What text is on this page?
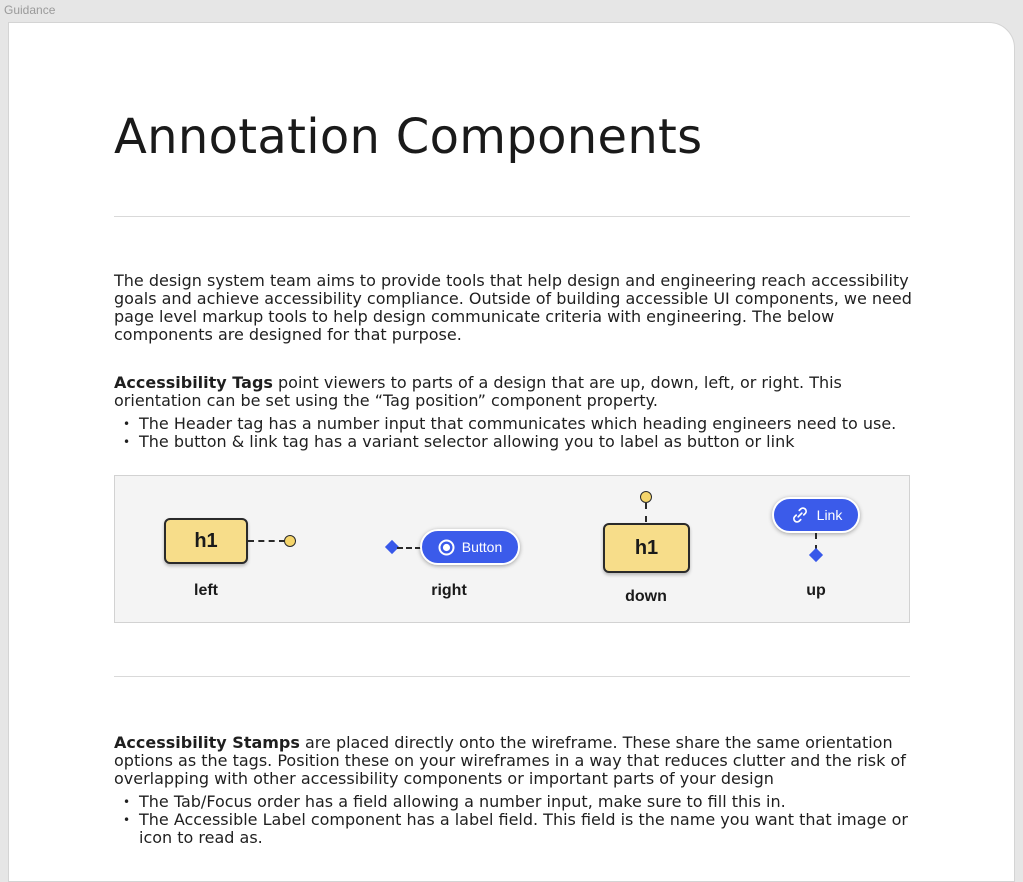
Guidance
Annotation Components

The design system team aims to provide tools that help design and engineering reach accessibility goals and achieve accessibility compliance. Outside of building accessible UI components, we need page level markup tools to help design communicate criteria with engineering. The below components are designed for that purpose.

Accessibility Tags point viewers to parts of a design that are up, down, left, or right. This orientation can be set using the “Tag position” component property.

• The Header tag has a number input that communicates which heading engineers need to use.
• The button & link tag has a variant selector allowing you to label as button or link
h1
left
Button
right
h1
down
Link
up

Accessibility Stamps are placed directly onto the wireframe. These share the same orientation options as the tags. Position these on your wireframes in a way that reduces clutter and the risk of overlapping with other accessibility components or important parts of your design

• The Tab/Focus order has a field allowing a number input, make sure to fill this in.
• The Accessible Label component has a label field. This field is the name you want that image or icon to read as.
